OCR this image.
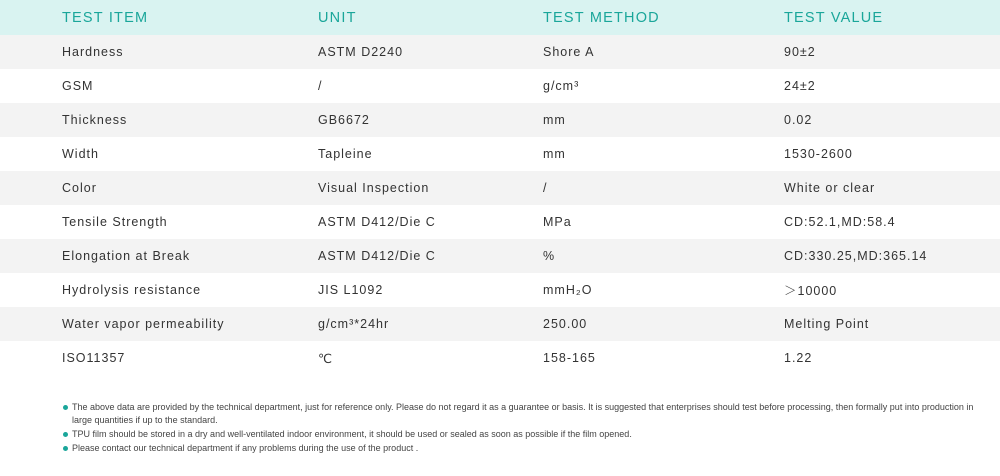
TEST ITEM	UNIT	TEST METHOD	TEST VALUE
Hardness	ASTM D2240	Shore A	90±2
GSM	/	g/cm³	24±2
Thickness	GB6672	mm	0.02
Width	Tapleine	mm	1530-2600
Color	Visual Inspection	/	White or clear
Tensile Strength	ASTM D412/Die C	MPa	CD:52.1,MD:58.4
Elongation at Break	ASTM D412/Die C	%	CD:330.25,MD:365.14
Hydrolysis resistance	JIS L1092	mmH₂O	＞10000
Water vapor permeability	g/cm³*24hr	250.00	Melting Point
ISO11357	℃	158-165	1.22
The above data are provided by the technical department, just for reference only. Please do not regard it as a guarantee or basis. It is suggested that enterprises should test before processing, then formally put into production in large quantities if up to the standard.
TPU film should be stored in a dry and well-ventilated indoor environment, it should be used or sealed as soon as possible if the film opened.
Please contact our technical department if any problems during the use of the product .
